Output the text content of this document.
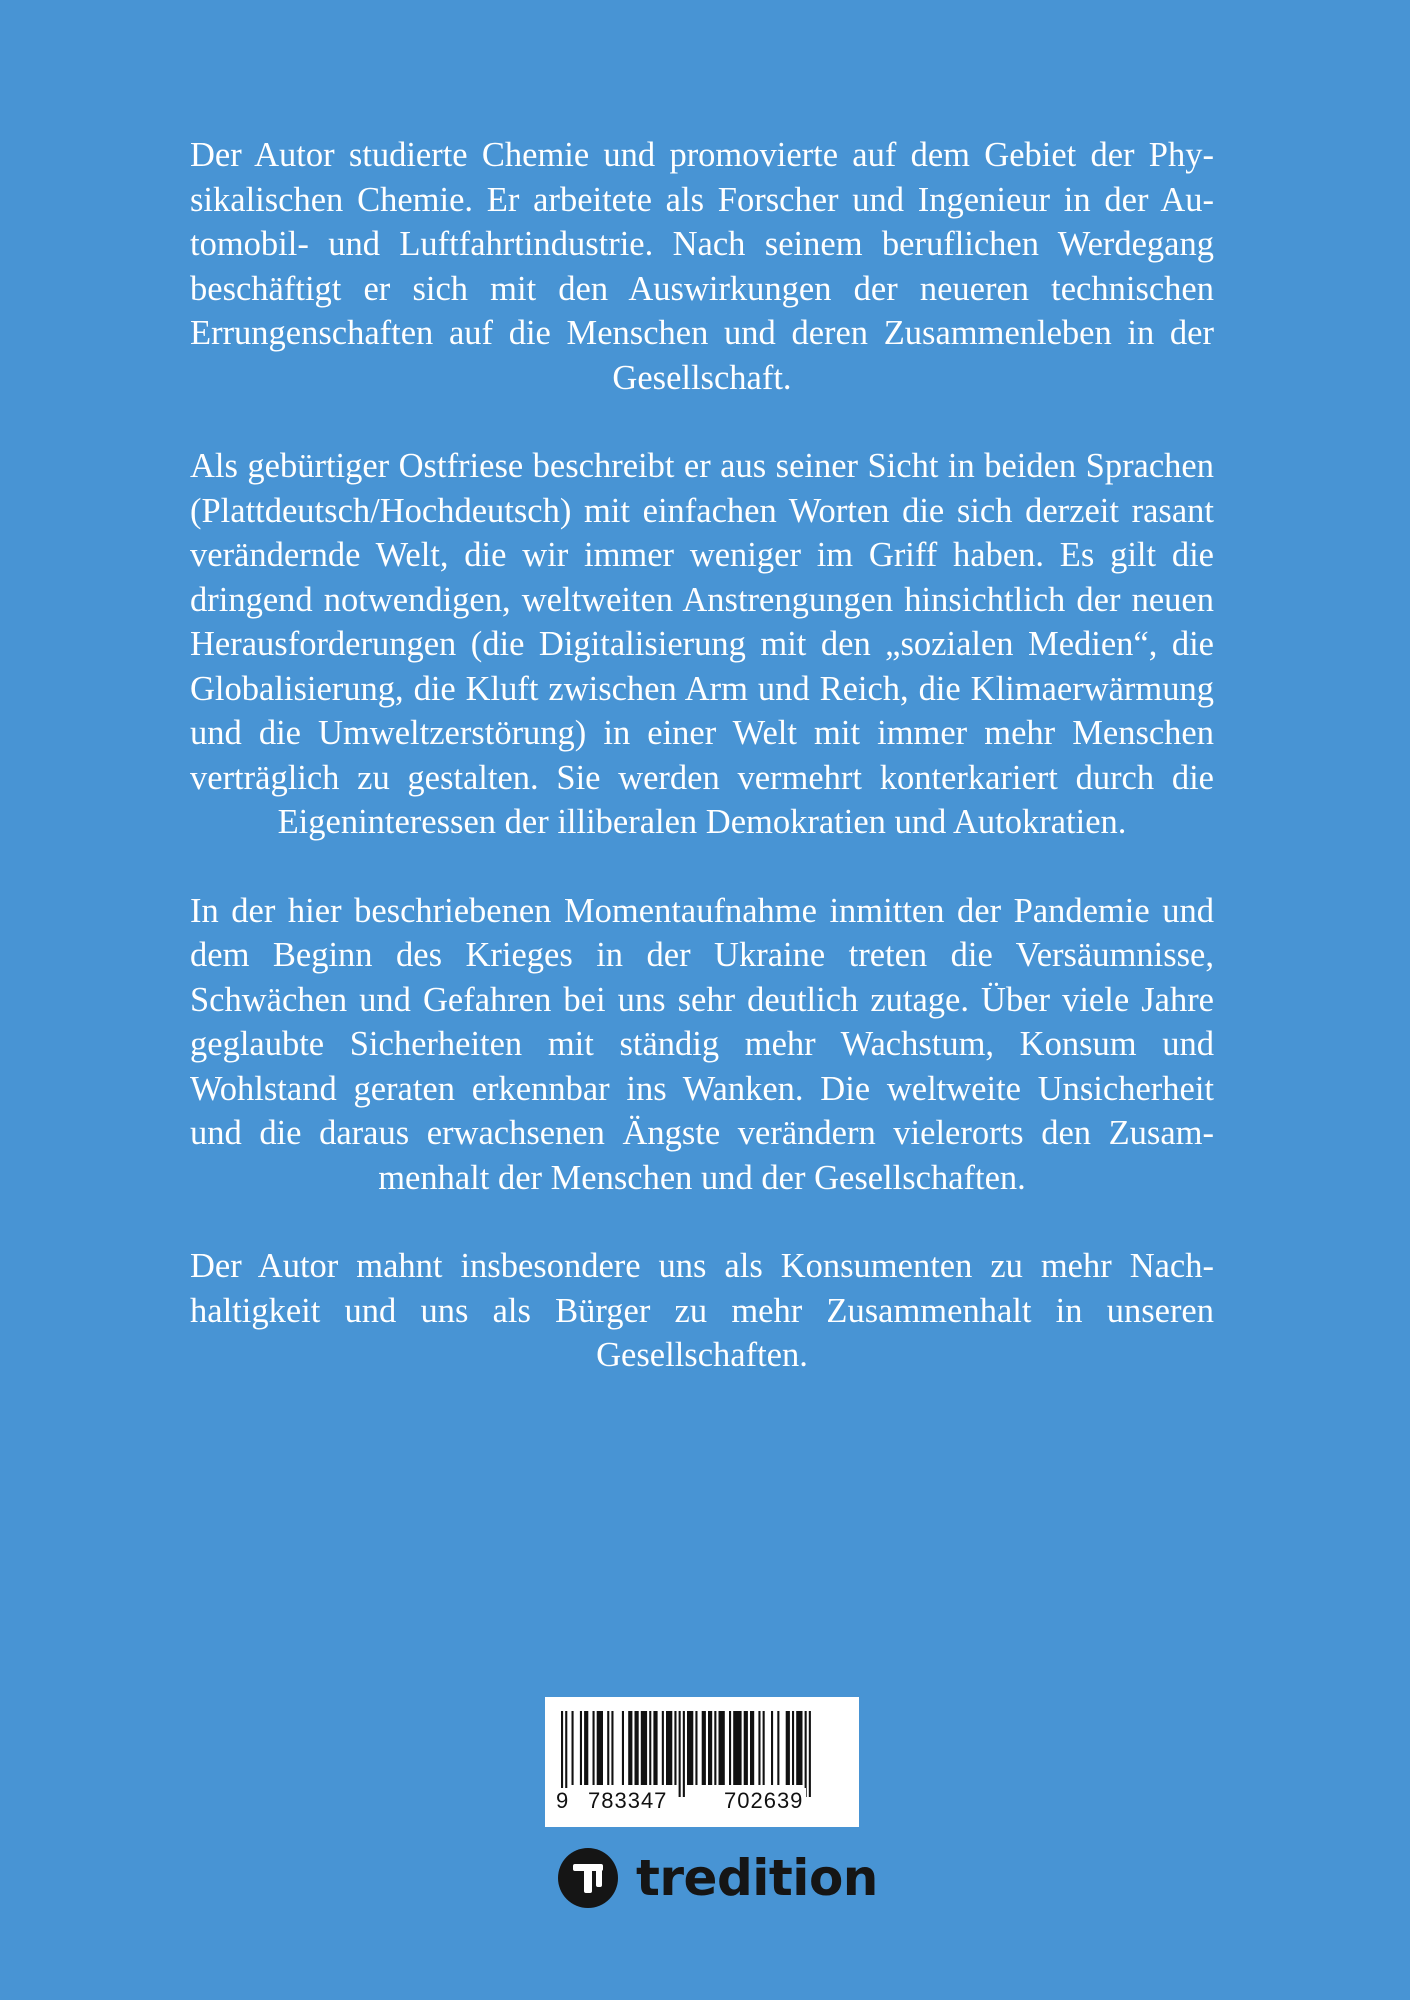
Der Autor studierte Chemie und promovierte auf dem Gebiet der Physikalischen Chemie. Er arbeitete als Forscher und Ingenieur in der Automobil- und Luftfahrtindustrie. Nach seinem beruflichen Werdegang beschäftigt er sich mit den Auswirkungen der neueren technischen Errungenschaften auf die Menschen und deren Zusammenleben in der Gesellschaft.

Als gebürtiger Ostfriese beschreibt er aus seiner Sicht in beiden Sprachen (Plattdeutsch/Hochdeutsch) mit einfachen Worten die sich derzeit rasant verändernde Welt, die wir immer weniger im Griff haben. Es gilt die dringend notwendigen, weltweiten Anstrengungen hinsichtlich der neuen Herausforderungen (die Digitalisierung mit den „sozialen Medien“, die Globalisierung, die Kluft zwischen Arm und Reich, die Klimaerwärmung und die Umweltzerstörung) in einer Welt mit immer mehr Menschen verträglich zu gestalten. Sie werden vermehrt konterkariert durch die Eigeninteressen der illiberalen Demokratien und Autokratien.

In der hier beschriebenen Momentaufnahme inmitten der Pandemie und dem Beginn des Krieges in der Ukraine treten die Versäumnisse, Schwächen und Gefahren bei uns sehr deutlich zutage. Über viele Jahre geglaubte Sicherheiten mit ständig mehr Wachstum, Konsum und Wohlstand geraten erkennbar ins Wanken. Die weltweite Unsicherheit und die daraus erwachsenen Ängste verändern vielerorts den Zusammenhalt der Menschen und der Gesellschaften.

Der Autor mahnt insbesondere uns als Konsumenten zu mehr Nachhaltigkeit und uns als Bürger zu mehr Zusammenhalt in unseren Gesellschaften.

9 783347	702639
tredition
